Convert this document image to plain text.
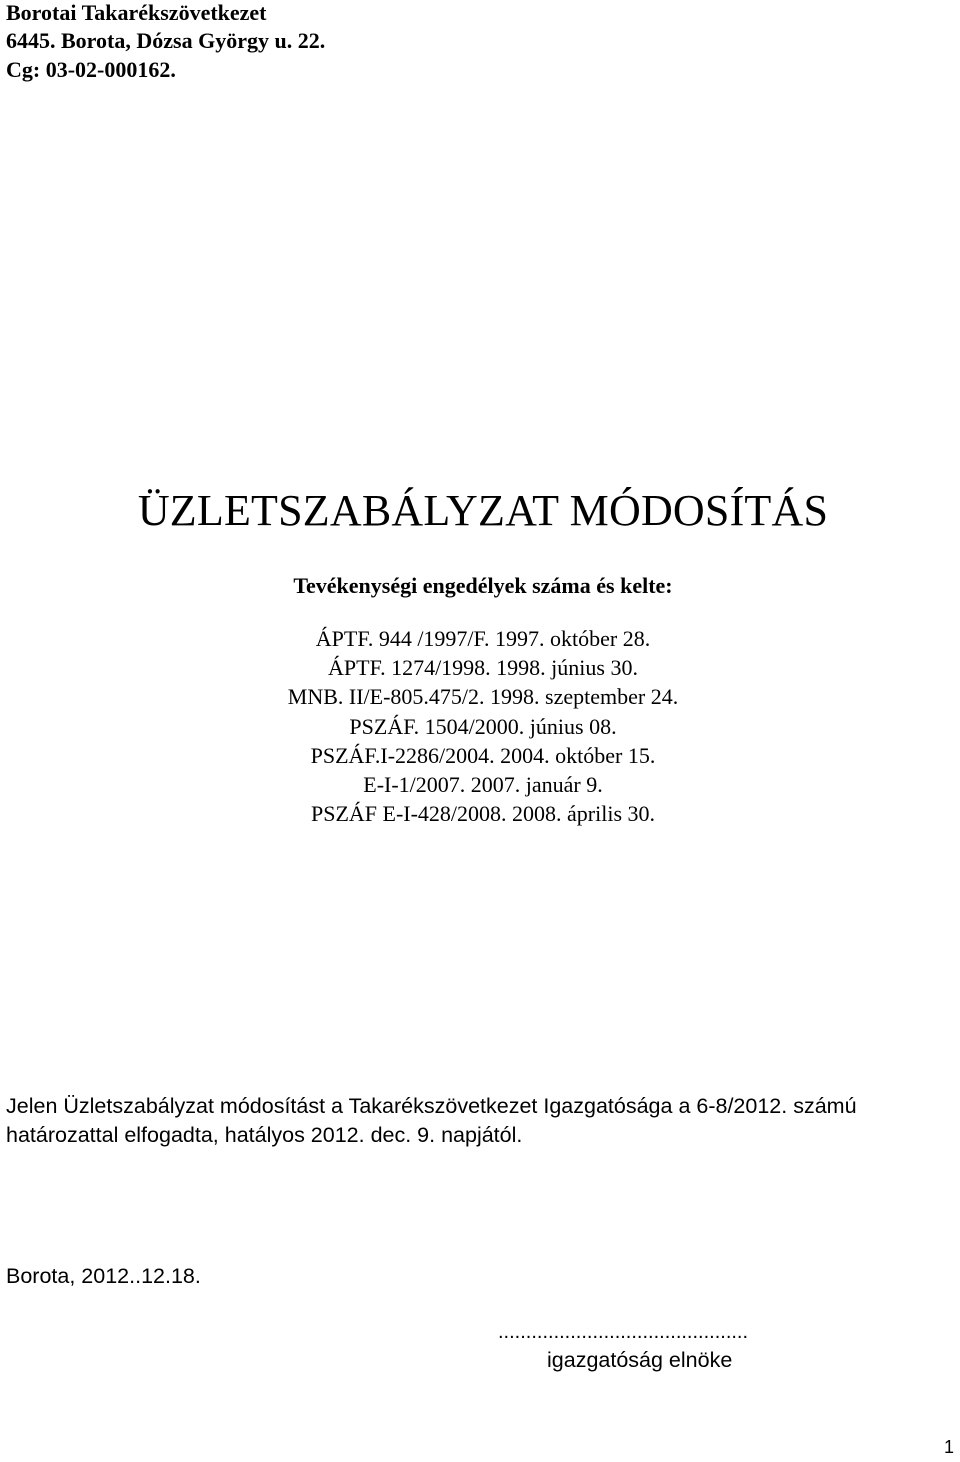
Borotai Takarékszövetkezet
6445. Borota, Dózsa György u. 22.
Cg: 03-02-000162.
ÜZLETSZABÁLYZAT MÓDOSÍTÁS
Tevékenységi engedélyek száma és kelte:
ÁPTF. 944 /1997/F. 1997. október 28.
ÁPTF. 1274/1998. 1998. június 30.
MNB. II/E-805.475/2. 1998. szeptember 24.
PSZÁF. 1504/2000. június 08.
PSZÁF.I-2286/2004. 2004. október 15.
E-I-1/2007. 2007. január 9.
PSZÁF E-I-428/2008. 2008. április 30.
Jelen Üzletszabályzat módosítást a Takarékszövetkezet Igazgatósága a 6-8/2012. számú
határozattal elfogadta, hatályos 2012. dec. 9. napjától.
Borota, 2012..12.18.
.............................................
igazgatóság elnöke
1
